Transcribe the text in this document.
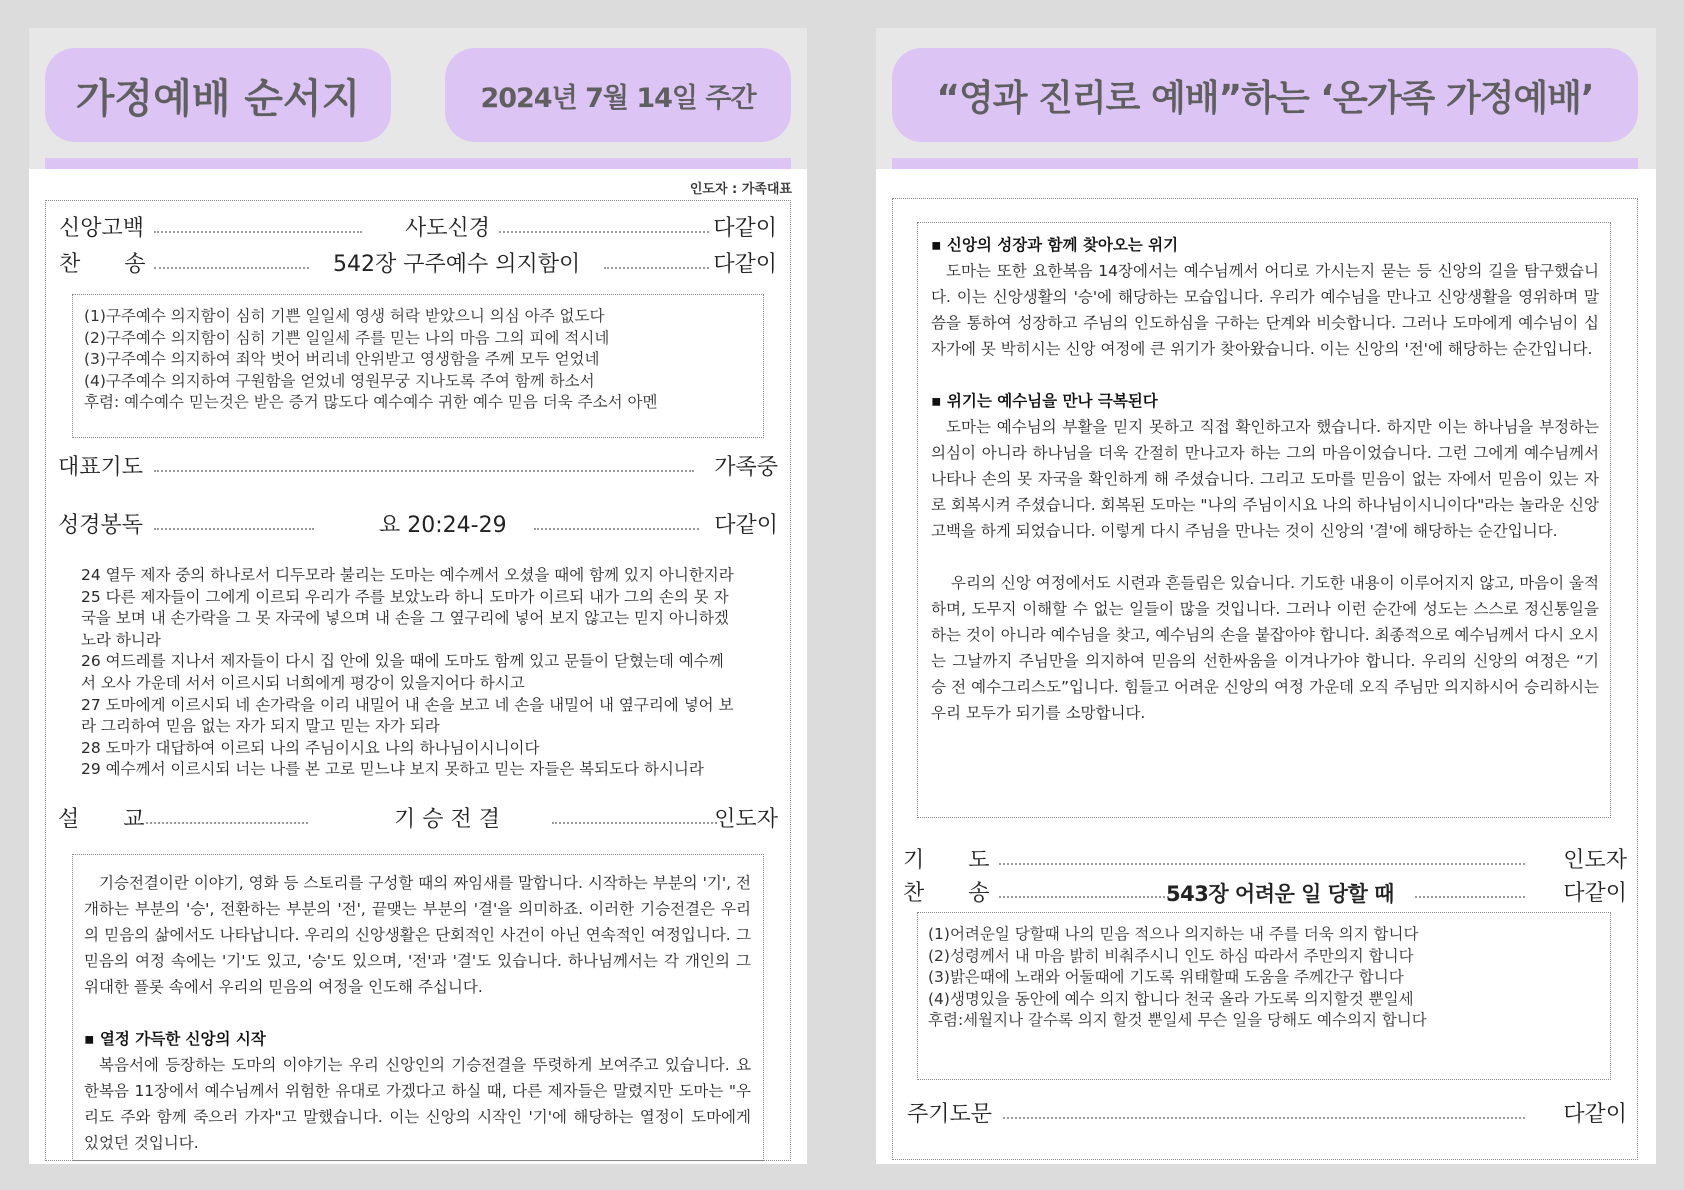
가정예배 순서지	2024년 7월 14일 주간
인도자 : 가족대표
신앙고백	사도신경	다같이
찬　　송	542장 구주예수 의지함이	다같이
(1)구주예수 의지함이 심히 기쁜 일일세 영생 허락 받았으니 의심 아주 없도다
(2)구주예수 의지함이 심히 기쁜 일일세 주를 믿는 나의 마음 그의 피에 적시네
(3)구주예수 의지하여 죄악 벗어 버리네 안위받고 영생함을 주께 모두 얻었네
(4)구주예수 의지하여 구원함을 얻었네 영원무궁 지나도록 주여 함께 하소서
후렴: 예수예수 믿는것은 받은 증거 많도다 예수예수 귀한 예수 믿음 더욱 주소서 아멘
대표기도	가족중
성경봉독	요 20:24-29	다같이
24 열두 제자 중의 하나로서 디두모라 불리는 도마는 예수께서 오셨을 때에 함께 있지 아니한지라
25 다른 제자들이 그에게 이르되 우리가 주를 보았노라 하니 도마가 이르되 내가 그의 손의 못 자
국을 보며 내 손가락을 그 못 자국에 넣으며 내 손을 그 옆구리에 넣어 보지 않고는 믿지 아니하겠
노라 하니라
26 여드레를 지나서 제자들이 다시 집 안에 있을 때에 도마도 함께 있고 문들이 닫혔는데 예수께
서 오사 가운데 서서 이르시되 너희에게 평강이 있을지어다 하시고
27 도마에게 이르시되 네 손가락을 이리 내밀어 내 손을 보고 네 손을 내밀어 내 옆구리에 넣어 보
라 그리하여 믿음 없는 자가 되지 말고 믿는 자가 되라
28 도마가 대답하여 이르되 나의 주님이시요 나의 하나님이시니이다
29 예수께서 이르시되 너는 나를 본 고로 믿느냐 보지 못하고 믿는 자들은 복되도다 하시니라
설　　교	기 승 전 결	인도자
기승전결이란 이야기, 영화 등 스토리를 구성할 때의 짜임새를 말합니다. 시작하는 부분의 '기', 전개하는 부분의 '승', 전환하는 부분의 '전', 끝맺는 부분의 '결'을 의미하죠. 이러한 기승전결은 우리의 믿음의 삶에서도 나타납니다. 우리의 신앙생활은 단회적인 사건이 아닌 연속적인 여정입니다. 그 믿음의 여정 속에는 '기'도 있고, '승'도 있으며, '전'과 '결'도 있습니다. 하나님께서는 각 개인의 그 위대한 플롯 속에서 우리의 믿음의 여정을 인도해 주십니다.
▪ 열정 가득한 신앙의 시작
복음서에 등장하는 도마의 이야기는 우리 신앙인의 기승전결을 뚜렷하게 보여주고 있습니다. 요한복음 11장에서 예수님께서 위험한 유대로 가겠다고 하실 때, 다른 제자들은 말렸지만 도마는 "우리도 주와 함께 죽으러 가자"고 말했습니다. 이는 신앙의 시작인 '기'에 해당하는 열정이 도마에게 있었던 것입니다.
“영과 진리로 예배”하는 ‘온가족 가정예배’
▪ 신앙의 성장과 함께 찾아오는 위기
도마는 또한 요한복음 14장에서는 예수님께서 어디로 가시는지 묻는 등 신앙의 길을 탐구했습니다. 이는 신앙생활의 '승'에 해당하는 모습입니다. 우리가 예수님을 만나고 신앙생활을 영위하며 말씀을 통하여 성장하고 주님의 인도하심을 구하는 단계와 비슷합니다. 그러나 도마에게 예수님이 십자가에 못 박히시는 신앙 여정에 큰 위기가 찾아왔습니다. 이는 신앙의 '전'에 해당하는 순간입니다.
▪ 위기는 예수님을 만나 극복된다
도마는 예수님의 부활을 믿지 못하고 직접 확인하고자 했습니다. 하지만 이는 하나님을 부정하는 의심이 아니라 하나님을 더욱 간절히 만나고자 하는 그의 마음이었습니다. 그런 그에게 예수님께서 나타나 손의 못 자국을 확인하게 해 주셨습니다. 그리고 도마를 믿음이 없는 자에서 믿음이 있는 자로 회복시켜 주셨습니다. 회복된 도마는 "나의 주님이시요 나의 하나님이시니이다"라는 놀라운 신앙 고백을 하게 되었습니다. 이렇게 다시 주님을 만나는 것이 신앙의 '결'에 해당하는 순간입니다.
우리의 신앙 여정에서도 시련과 흔들림은 있습니다. 기도한 내용이 이루어지지 않고, 마음이 울적하며, 도무지 이해할 수 없는 일들이 많을 것입니다. 그러나 이런 순간에 성도는 스스로 정신통일을 하는 것이 아니라 예수님을 찾고, 예수님의 손을 붙잡아야 합니다. 최종적으로 예수님께서 다시 오시는 그날까지 주님만을 의지하여 믿음의 선한싸움을 이겨나가야 합니다. 우리의 신앙의 여정은 “기 승 전 예수그리스도”입니다. 힘들고 어려운 신앙의 여정 가운데 오직 주님만 의지하시어 승리하시는 우리 모두가 되기를 소망합니다.
기　　도	인도자
찬　　송	543장 어려운 일 당할 때	다같이
(1)어려운일 당할때 나의 믿음 적으나 의지하는 내 주를 더욱 의지 합니다
(2)성령께서 내 마음 밝히 비춰주시니 인도 하심 따라서 주만의지 합니다
(3)밝은때에 노래와 어둘때에 기도록 위태할때 도움을 주께간구 합니다
(4)생명있을 동안에 예수 의지 합니다 천국 올라 가도록 의지할것 뿐일세
후렴:세월지나 갈수록 의지 할것 뿐일세 무슨 일을 당해도 예수의지 합니다
주기도문	다같이
